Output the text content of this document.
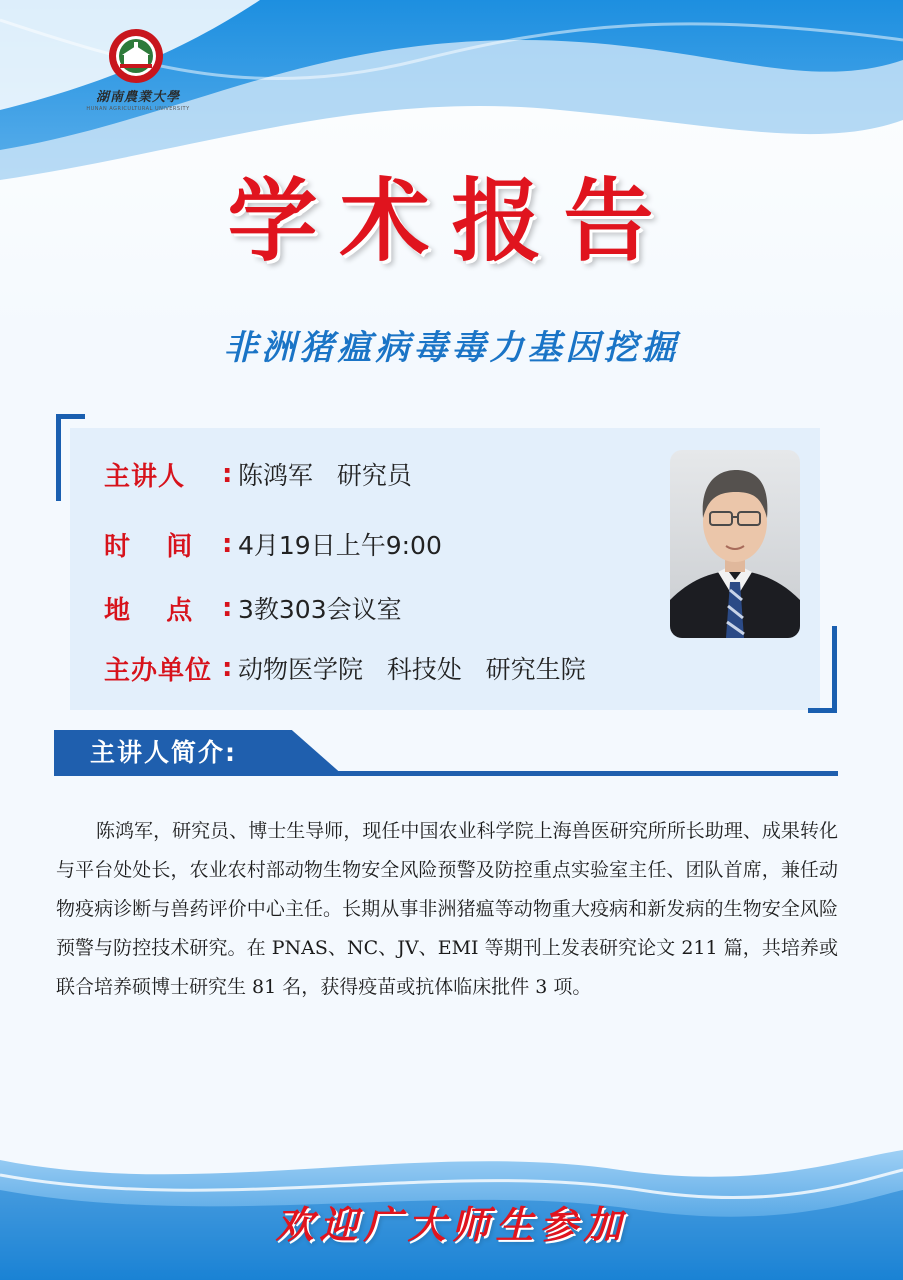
湖南農業大學
HUNAN AGRICULTURAL UNIVERSITY
学术报告
非洲猪瘟病毒毒力基因挖掘
主讲人	: 陈鸿军   研究员
时    间	: 4月19日上午9:00
地    点	: 3教303会议室
主办单位 : 动物医学院   科技处   研究生院
主讲人简介:
陈鸿军，研究员、博士生导师，现任中国农业科学院上海兽医研究所所长助理、成果转化与平台处处长，农业农村部动物生物安全风险预警及防控重点实验室主任、团队首席，兼任动物疫病诊断与兽药评价中心主任。长期从事非洲猪瘟等动物重大疫病和新发病的生物安全风险预警与防控技术研究。在 PNAS、NC、JV、EMI 等期刊上发表研究论文 211 篇，共培养或联合培养硕博士研究生 81 名，获得疫苗或抗体临床批件 3 项。
欢迎广大师生参加
